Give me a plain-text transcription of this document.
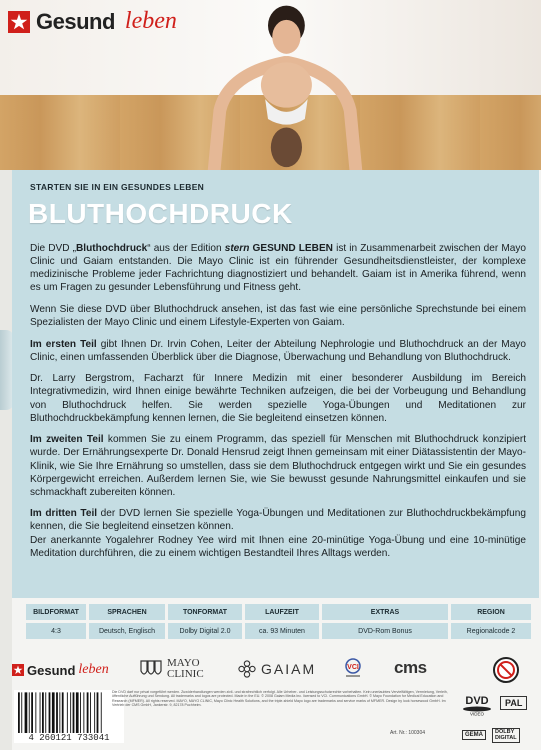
Gesund leben
STARTEN SIE IN EIN GESUNDES LEBEN
BLUTHOCHDRUCK

Die DVD „Bluthochdruck“ aus der Edition stern GESUND LEBEN ist in Zusammenarbeit zwischen der Mayo Clinic und Gaiam entstanden. Die Mayo Clinic ist ein führender Gesundheitsdienstleister, der komplexe medizinische Probleme jeder Fachrichtung diagnostiziert und behandelt. Gaiam ist in Amerika führend, wenn es um Fragen zu gesunder Lebensführung und Fitness geht.

Wenn Sie diese DVD über Bluthochdruck ansehen, ist das fast wie eine persönliche Sprechstunde bei einem Spezialisten der Mayo Clinic und einem Lifestyle-Experten von Gaiam.

Im ersten Teil gibt Ihnen Dr. Irvin Cohen, Leiter der Abteilung Nephrologie und Bluthochdruck an der Mayo Clinic, einen umfassenden Überblick über die Diagnose, Überwachung und Behandlung von Bluthochdruck.

Dr. Larry Bergstrom, Facharzt für Innere Medizin mit einer besonderer Ausbildung im Bereich Integrativmedizin, wird Ihnen einige bewährte Techniken aufzeigen, die bei der Vorbeugung und Behandlung von Bluthochdruck helfen. Sie werden spezielle Yoga-Übungen und Meditationen zur Bluthochdruckbekämpfung kennen lernen, die Sie begleitend einsetzen können.

Im zweiten Teil kommen Sie zu einem Programm, das speziell für Menschen mit Bluthochdruck konzipiert wurde. Der Ernährungsexperte Dr. Donald Hensrud zeigt Ihnen gemeinsam mit einer Diätassistentin der Mayo-Klinik, wie Sie Ihre Ernährung so umstellen, dass sie dem Bluthochdruck entgegen wirkt und Sie ein gesundes Körpergewicht erreichen. Außerdem lernen Sie, wie Sie bewusst gesunde Nahrungsmittel einkaufen und sie schmackhaft zubereiten können.

Im dritten Teil der DVD lernen Sie spezielle Yoga-Übungen und Meditationen zur Bluthochdruckbekämpfung kennen, die Sie begleitend einsetzen können.
Der anerkannte Yogalehrer Rodney Yee wird mit Ihnen eine 20-minütige Yoga-Übung und eine 10-minütige Meditation durchführen, die zu einem wichtigen Bestandteil Ihres Alltags werden.

BILDFORMAT
4:3
SPRACHEN
Deutsch, Englisch
TONFORMAT
Dolby Digital 2.0
LAUFZEIT
ca. 93 Minuten
EXTRAS
DVD-Rom Bonus
REGION
Regionalcode 2
Gesund leben	MAYO
CLINIC	GAIAM	VCI cms
4 260121 733041
Die DVD darf nur privat vorgeführt werden. Zuwiderhandlungen werden zivil- und strafrechtlich verfolgt. Alle Urheber- und Leistungsschutzrechte vorbehalten. Kein unerlaubtes Vervielfältigen, Vermietung, Verleih, öffentliche Aufführung und Sendung. All trademarks and logos are protected. Made in the EU. © 2008 Gaiam Media Inc. licensed to VCI. Communications GmbH. © Mayo Foundation for Medical Education and Research (MFMER). All rights reserved. MAYO, MAYO CLINIC, Mayo Clinic Health Solutions, and the triple-shield Mayo logo are trademarks and service marks of MFMER. Design by look horsewood GmbH. Im Vertrieb der CMS GmbH, Jankerstr. 9, 82178 Puchheim.
Art. Nr.: 100304
DVD
VIDEO
PAL
GEMA	DOLBY
DIGITAL
